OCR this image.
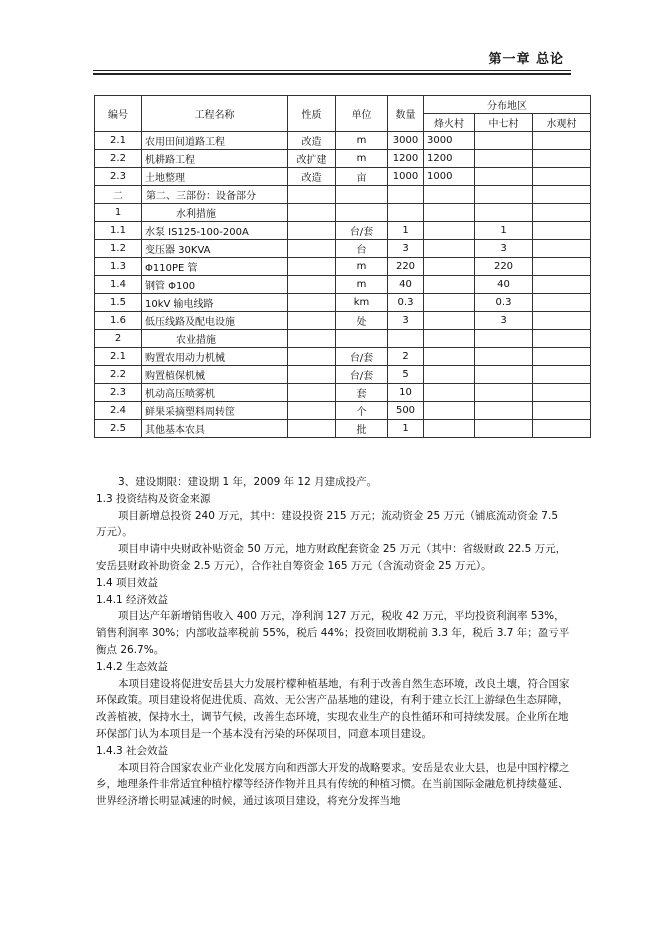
第一章 总论
编号	工程名称	性质	单位	数量	分布地区		
					烽火村	中七村	水观村
2.1	农用田间道路工程	改造	m	3000	3000		
2.2	机耕路工程	改扩建	m	1200	1200		
2.3	土地整理	改造	亩	1000	1000		
二	第二、三部份：设备部分						
1	水利措施						
1.1	水泵 IS125-100-200A		台/套	1		1	
1.2	变压器 30KVA		台	3		3	
1.3	Φ110PE 管		m	220		220	
1.4	钢管 Φ100		m	40		40	
1.5	10kV 输电线路		km	0.3		0.3	
1.6	低压线路及配电设施		处	3		3	
2	农业措施						
2.1	购置农用动力机械		台/套	2			
2.2	购置植保机械		台/套	5			
2.3	机动高压喷雾机		套	10			
2.4	鲜果采摘塑料周转筐		个	500			
2.5	其他基本农具		批	1			

3、建设期限：建设期 1 年，2009 年 12 月建成投产。

1.3 投资结构及资金来源

项目新增总投资 240 万元，其中：建设投资 215 万元；流动资金 25 万元（铺底流动资金 7.5 万元）。

项目申请中央财政补贴资金 50 万元，地方财政配套资金 25 万元（其中：省级财政 22.5 万元，安岳县财政补助资金 2.5 万元），合作社自筹资金 165 万元（含流动资金 25 万元）。

1.4 项目效益

1.4.1 经济效益

项目达产年新增销售收入 400 万元，净利润 127 万元，税收 42 万元，平均投资利润率 53%，销售利润率 30%；内部收益率税前 55%，税后 44%；投资回收期税前 3.3 年，税后 3.7 年；盈亏平衡点 26.7%。

1.4.2 生态效益

本项目建设将促进安岳县大力发展柠檬种植基地，有利于改善自然生态环境，改良土壤，符合国家环保政策。项目建设将促进优质、高效、无公害产品基地的建设，有利于建立长江上游绿色生态屏障，改善植被，保持水土，调节气候，改善生态环境，实现农业生产的良性循环和可持续发展。企业所在地环保部门认为本项目是一个基本没有污染的环保项目，同意本项目建设。

1.4.3 社会效益

本项目符合国家农业产业化发展方向和西部大开发的战略要求。安岳是农业大县，也是中国柠檬之乡，地理条件非常适宜种植柠檬等经济作物并且具有传统的种植习惯。在当前国际金融危机持续蔓延、世界经济增长明显减速的时候，通过该项目建设，将充分发挥当地
